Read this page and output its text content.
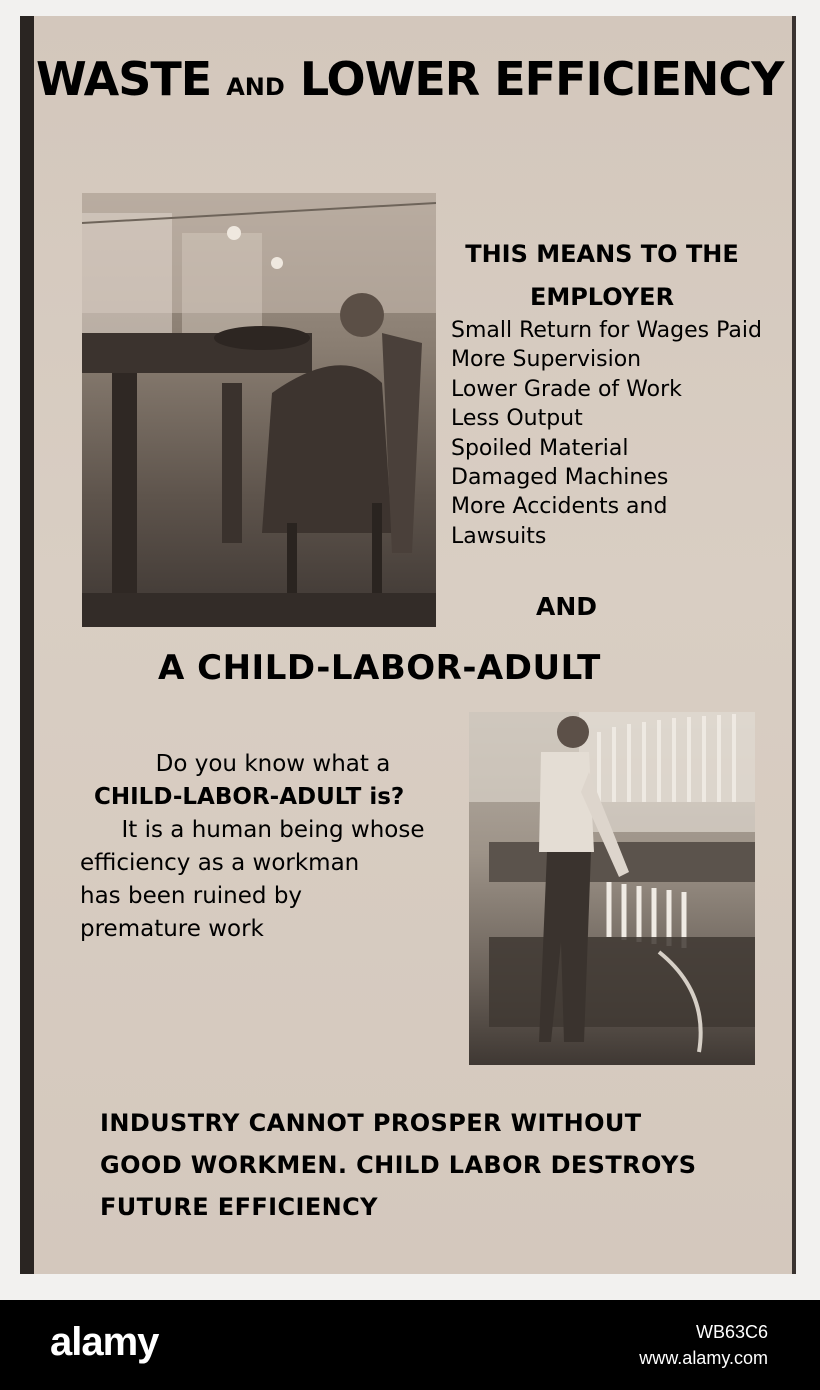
WASTE AND LOWER EFFICIENCY
THIS MEANS TO THE
EMPLOYER
Small Return for Wages Paid
More Supervision
Lower Grade of Work
Less Output
Spoiled Material
Damaged Machines
More Accidents and
Lawsuits
AND
A CHILD-LABOR-ADULT
Do you know what a
CHILD-LABOR-ADULT is?
It is a human being whose
efficiency as a workman
has been ruined by
premature work
INDUSTRY CANNOT PROSPER WITHOUT
GOOD WORKMEN. CHILD LABOR DESTROYS
FUTURE EFFICIENCY
alamy	WB63C6
www.alamy.com
